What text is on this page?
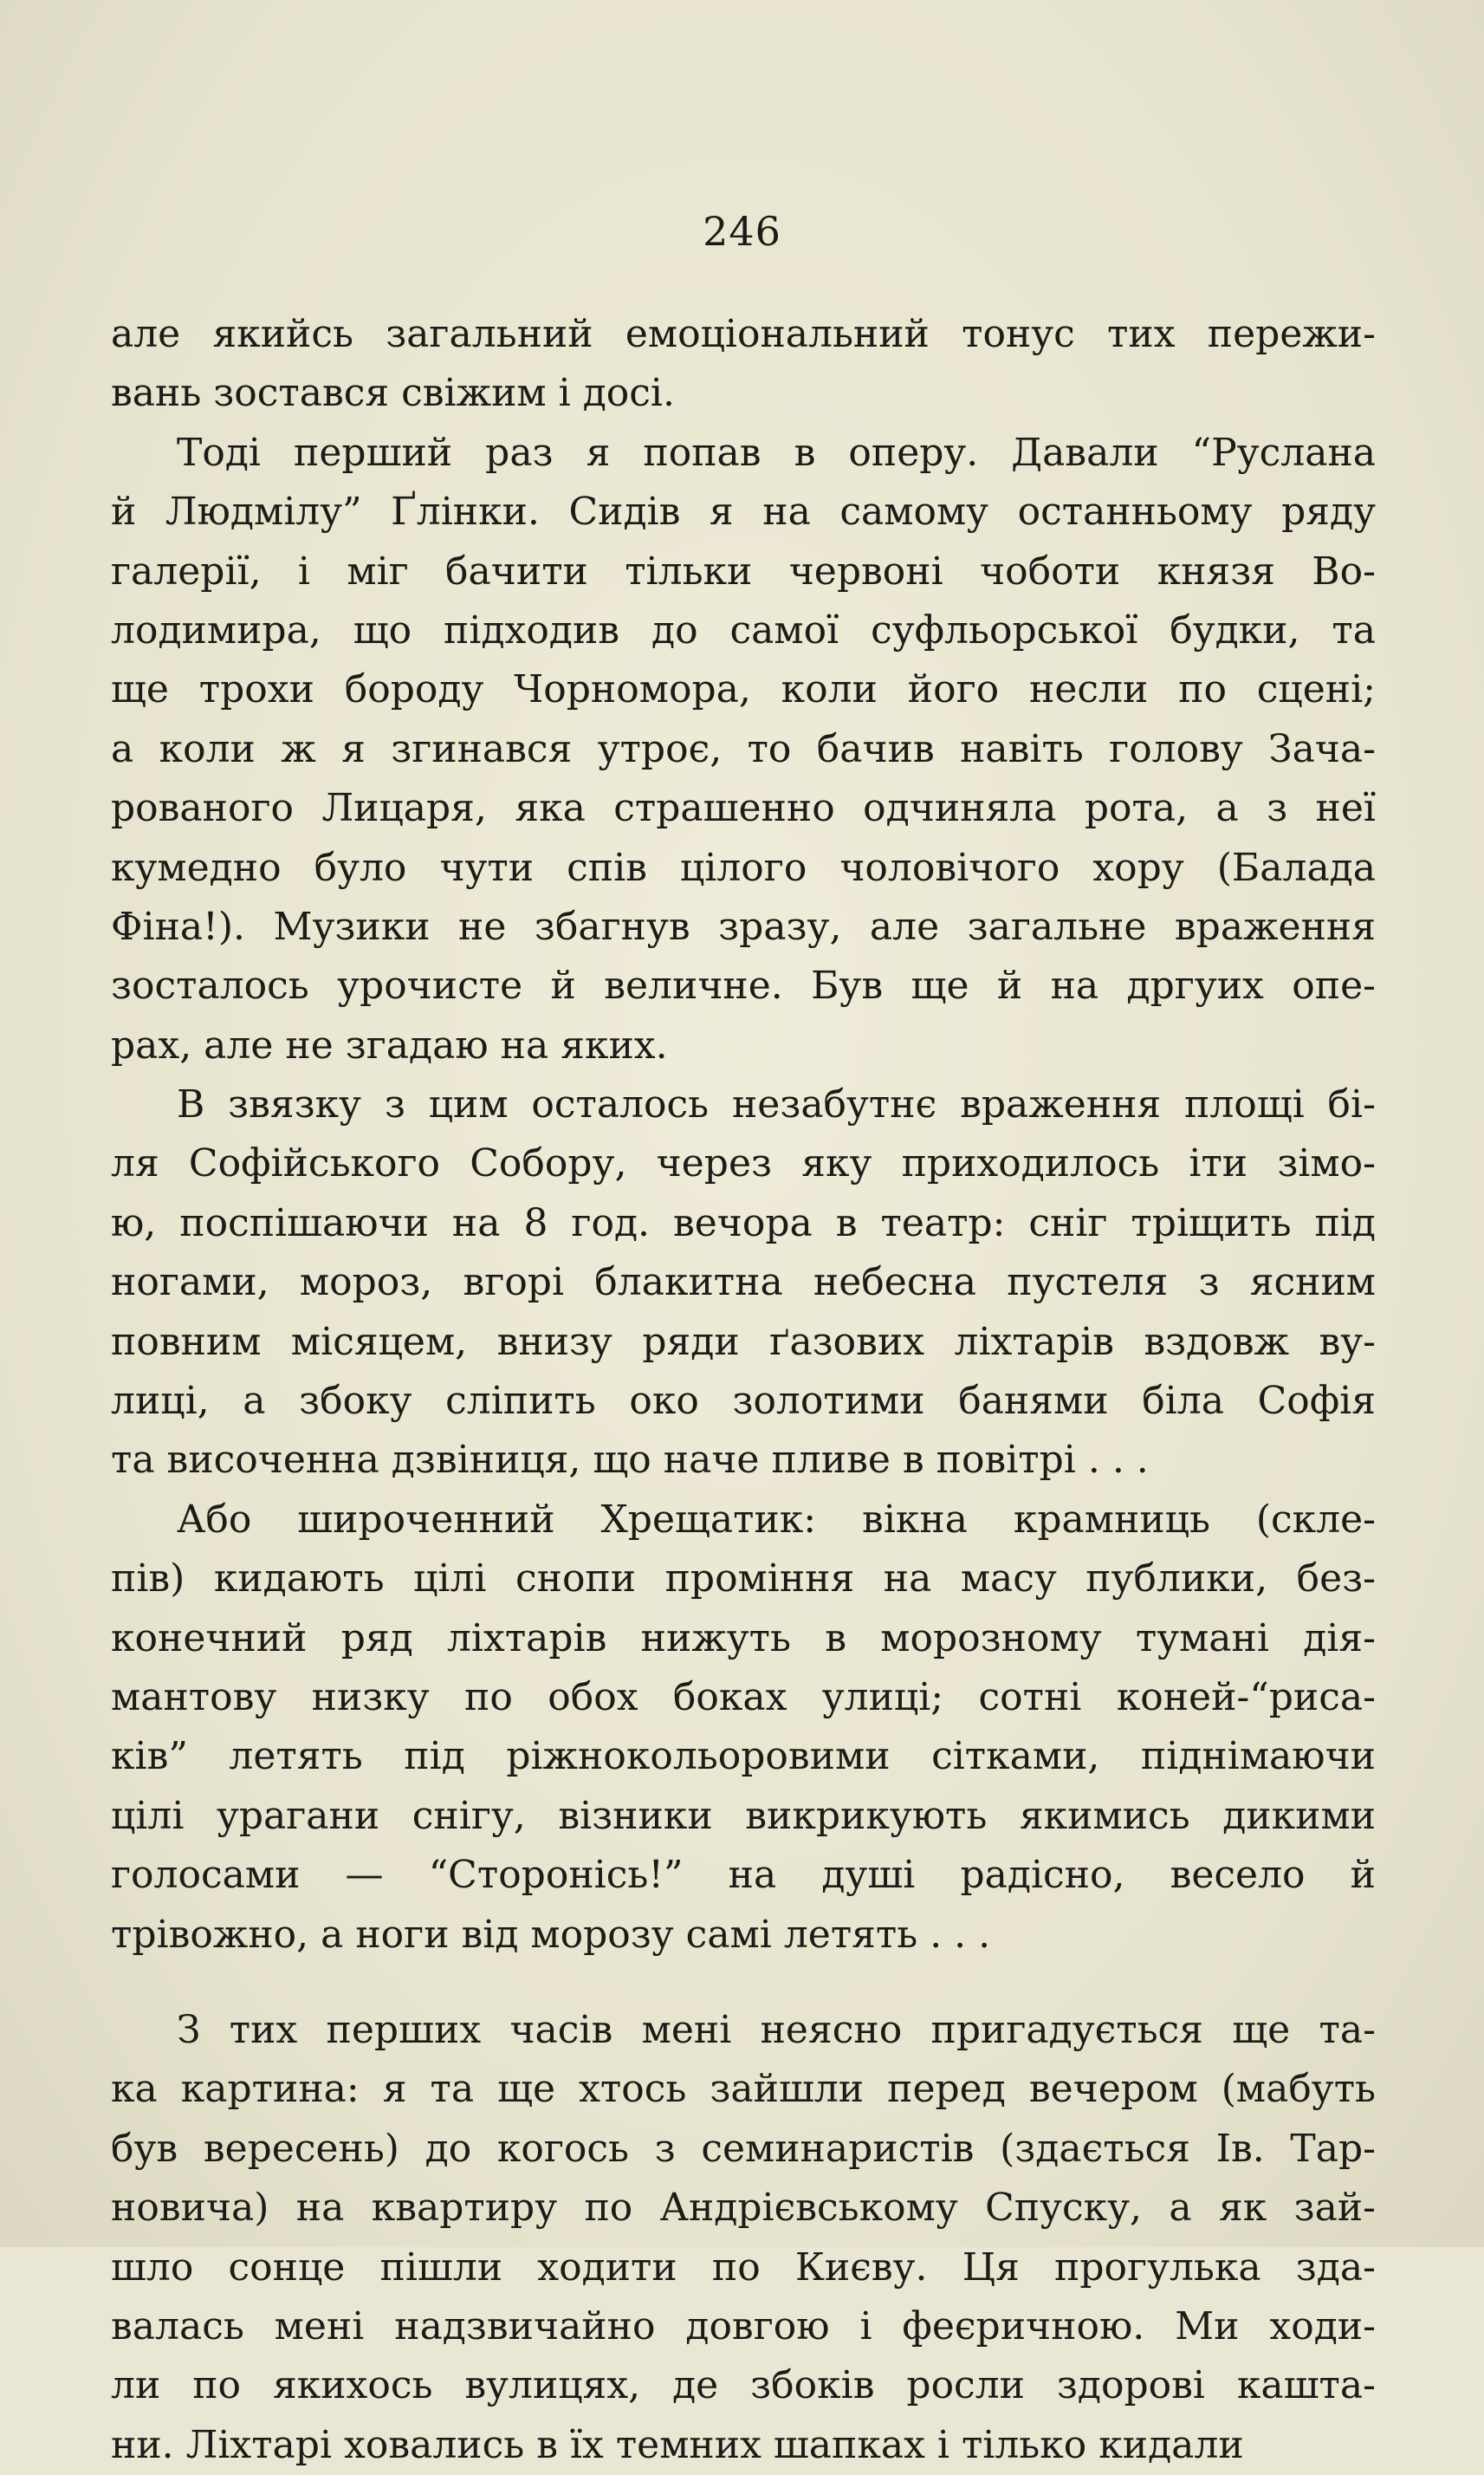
246
але якийсь загальний емоціональний тонус тих пережи-
вань зостався свіжим і досі.
Тоді перший раз я попав в оперу. Давали “Руслана
й Людмілу” Ґлінки. Сидів я на самому останньому ряду
галерії, і міг бачити тільки червоні чоботи князя Во-
лодимира, що підходив до самої суфльорської будки, та
ще трохи бороду Чорномора, коли його несли по сцені;
а коли ж я згинався утроє, то бачив навіть голову Зача-
рованого Лицаря, яка страшенно одчиняла рота, а з неї
кумедно було чути спів цілого чоловічого хору (Балада
Фіна!). Музики не збагнув зразу, але загальне враження
зосталось урочисте й величне. Був ще й на дргуих опе-
рах, але не згадаю на яких.
В звязку з цим осталось незабутнє враження площі бі-
ля Софійського Собору, через яку приходилось іти зімо-
ю, поспішаючи на 8 год. вечора в театр: сніг тріщить під
ногами, мороз, вгорі блакитна небесна пустеля з ясним
повним місяцем, внизу ряди ґазових ліхтарів вздовж ву-
лиці, а збоку сліпить око золотими банями біла Софія
та височенна дзвіниця, що наче пливе в повітрі . . .
Або широченний Хрещатик: вікна крамниць (скле-
пів) кидають цілі снопи проміння на масу публики, без-
конечний ряд ліхтарів нижуть в морозному тумані дія-
мантову низку по обох боках улиці; сотні коней-“риса-
ків” летять під ріжнокольоровими сітками, піднімаючи
цілі урагани снігу, візники викрикують якимись дикими
голосами — “Сторонісь!” на душі радісно, весело й
трівожно, а ноги від морозу самі летять . . .
З тих перших часів мені неясно пригадується ще та-
ка картина: я та ще хтось зайшли перед вечером (мабуть
був вересень) до когось з семинаристів (здається Ів. Тар-
новича) на квартиру по Андрієвському Спуску, а як зай-
шло сонце пішли ходити по Києву. Ця прогулька зда-
валась мені надзвичайно довгою і феєричною. Ми ходи-
ли по якихось вулицях, де збоків росли здорові кашта-
ни. Ліхтарі ховались в їх темних шапках і тілько кидали
